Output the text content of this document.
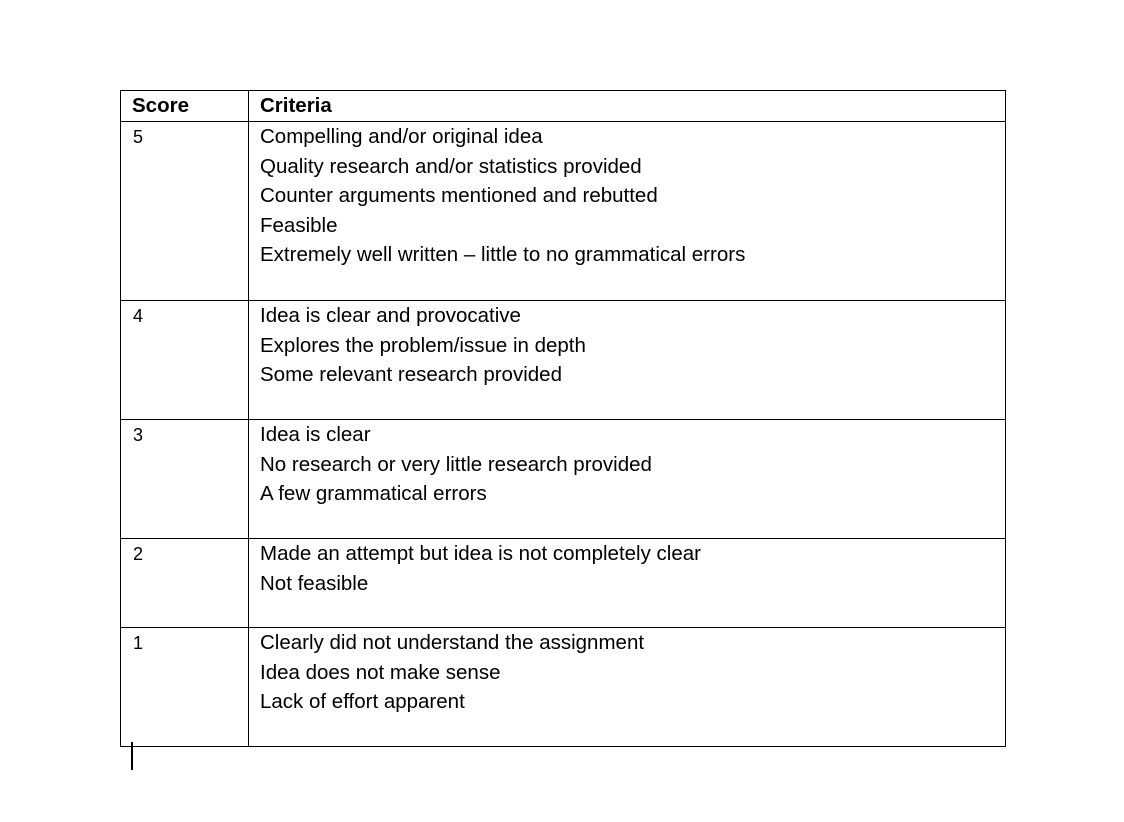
Score	Criteria
5	Compelling and/or original idea
Quality research and/or statistics provided
Counter arguments mentioned and rebutted
Feasible
Extremely well written – little to no grammatical errors

4	Idea is clear and provocative
Explores the problem/issue in depth
Some relevant research provided

3	Idea is clear
No research or very little research provided
A few grammatical errors

2	Made an attempt but idea is not completely clear
Not feasible

1	Clearly did not understand the assignment
Idea does not make sense
Lack of effort apparent
